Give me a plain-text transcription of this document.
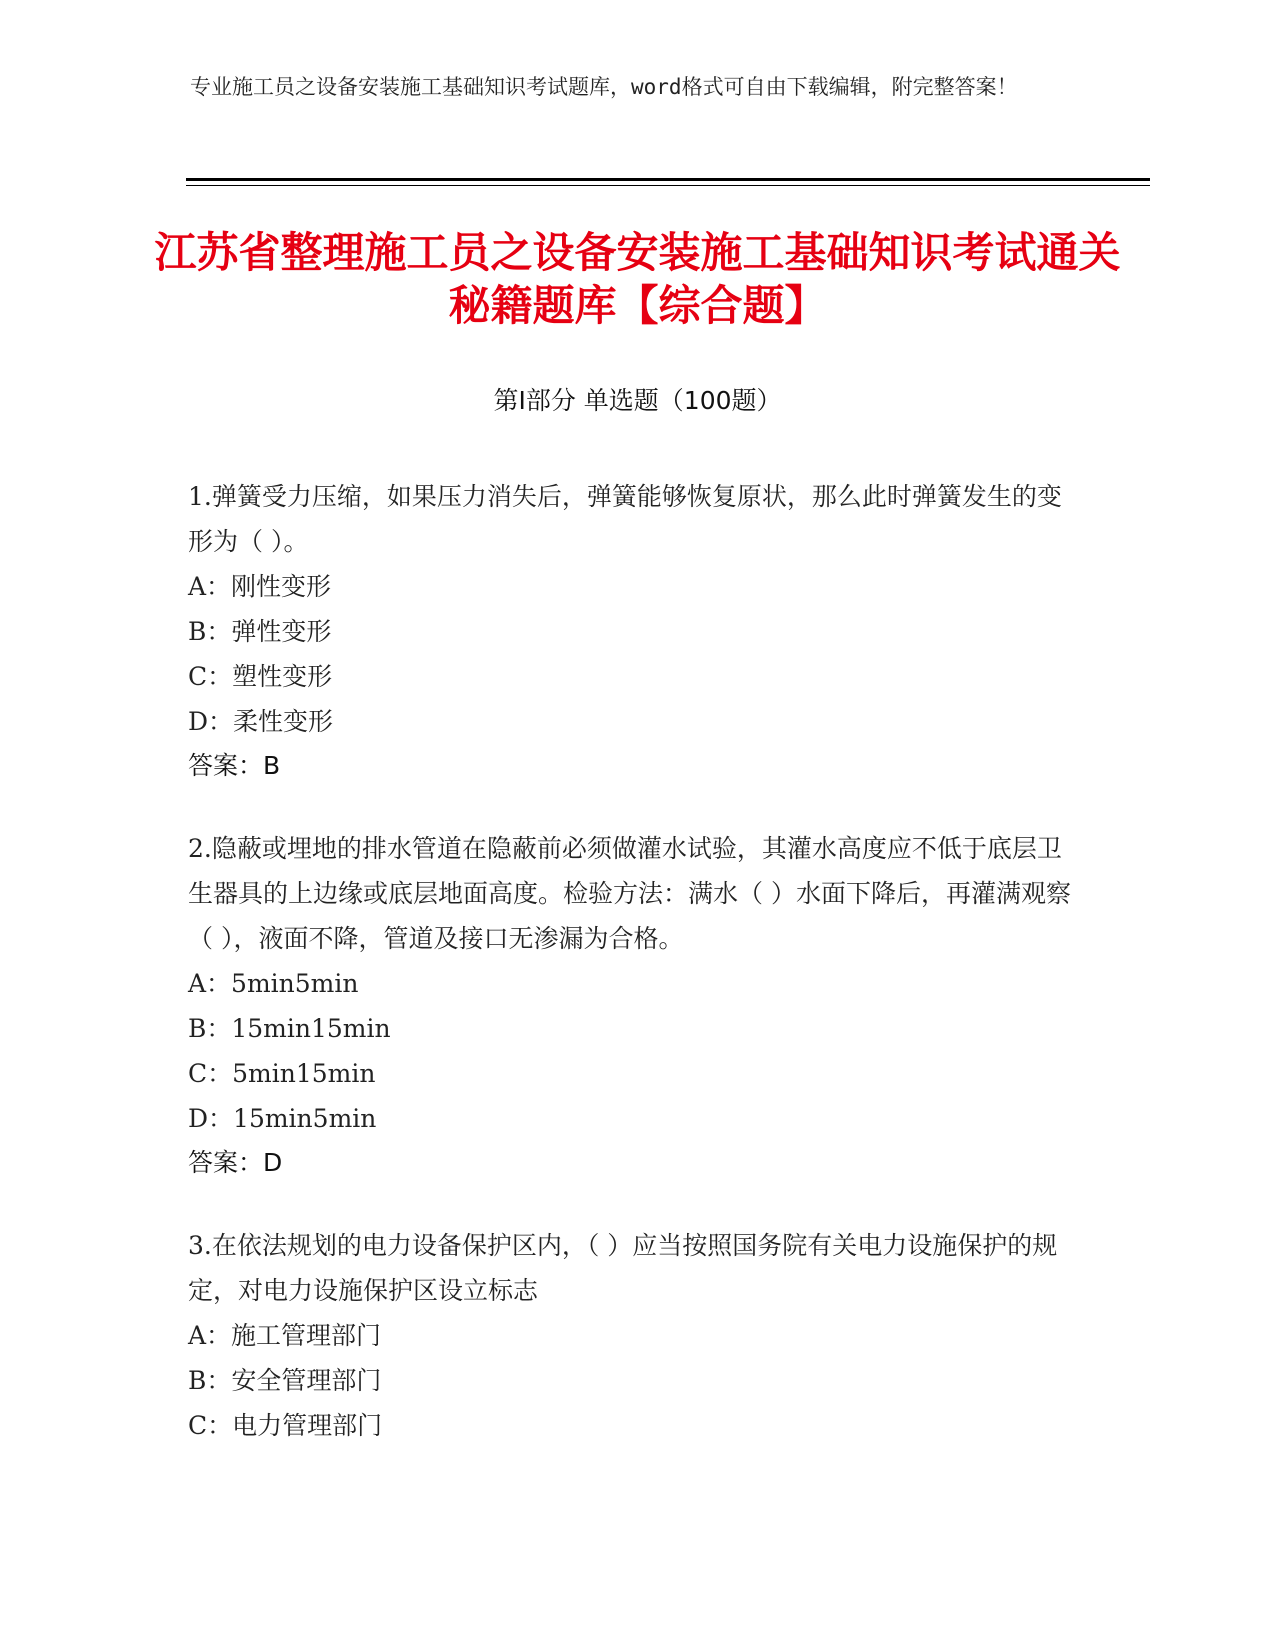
专业施工员之设备安装施工基础知识考试题库，word格式可自由下载编辑，附完整答案！
江苏省整理施工员之设备安装施工基础知识考试通关秘籍题库【综合题】
第Ⅰ部分 单选题（100题）
1.弹簧受力压缩，如果压力消失后，弹簧能够恢复原状，那么此时弹簧发生的变形为（ ）。
A：刚性变形
B：弹性变形
C：塑性变形
D：柔性变形
答案：B
2.隐蔽或埋地的排水管道在隐蔽前必须做灌水试验，其灌水高度应不低于底层卫生器具的上边缘或底层地面高度。检验方法：满水（ ）水面下降后，再灌满观察（ ），液面不降，管道及接口无渗漏为合格。
A：5min5min
B：15min15min
C：5min15min
D：15min5min
答案：D
3.在依法规划的电力设备保护区内，（ ）应当按照国务院有关电力设施保护的规定，对电力设施保护区设立标志
A：施工管理部门
B：安全管理部门
C：电力管理部门
